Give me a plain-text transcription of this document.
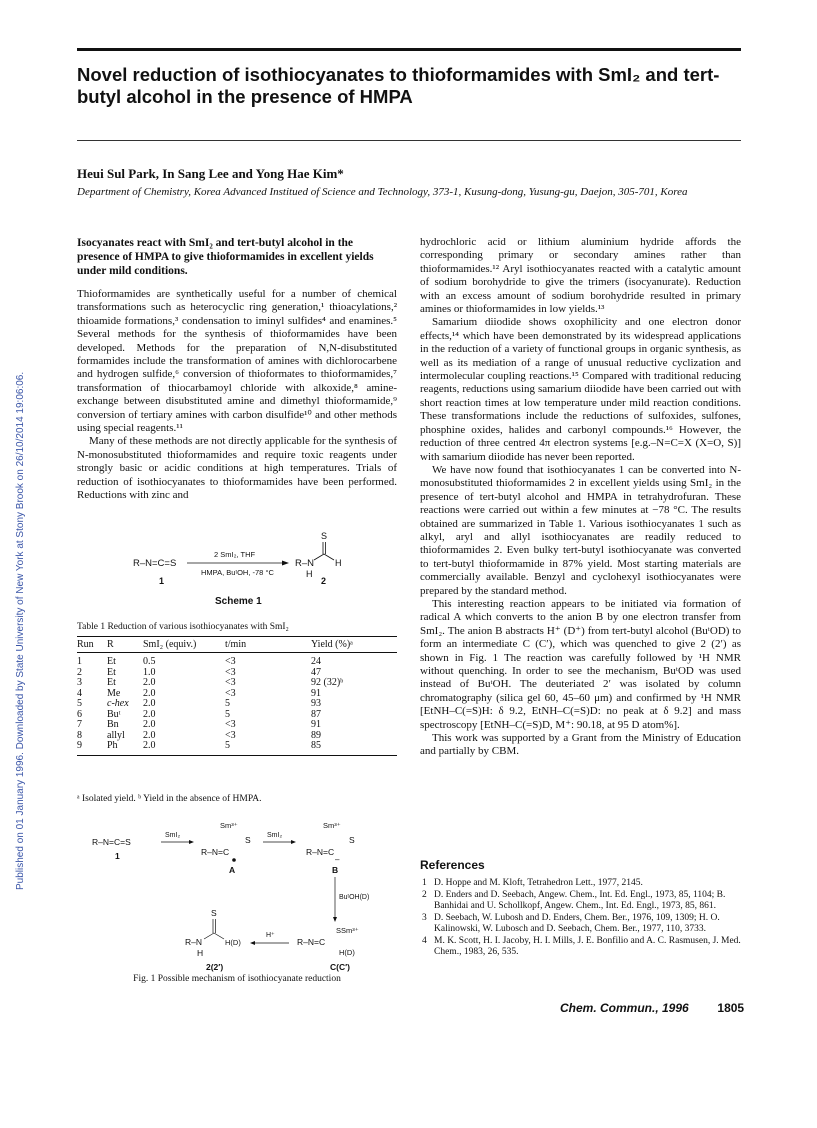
Published on 01 January 1996. Downloaded by State University of New York at Stony Brook on 26/10/2014 19:06:06.
Novel reduction of isothiocyanates to thioformamides with SmI₂ and tert-butyl alcohol in the presence of HMPA
Heui Sul Park, In Sang Lee and Yong Hae Kim*
Department of Chemistry, Korea Advanced Institued of Science and Technology, 373-1, Kusung-dong, Yusung-gu, Daejon, 305-701, Korea

Isocyanates react with SmI₂ and tert-butyl alcohol in the presence of HMPA to give thioformamides in excellent yields under mild conditions.

Thioformamides are synthetically useful for a number of chemical transformations such as heterocyclic ring generation,¹ thioacylations,² thioamide formations,³ condensation to iminyl sulfides⁴ and enamines.⁵ Several methods for the synthesis of thioformamides have been developed. Methods for the preparation of N,N-disubstituted formamides include the transformation of amines with dichlorocarbene and hydrogen sulfide,⁶ conversion of thioformates to thioformamides,⁷ transformation of thiocarbamoyl chloride with alkoxide,⁸ amine-exchange between disubstituted amine and dimethyl thioformamide,⁹ conversion of tertiary amines with carbon disulfide¹⁰ and other methods using special reagents.¹¹

Many of these methods are not directly applicable for the synthesis of N-monosubstituted thioformamides and require toxic reagents under strongly basic or acidic conditions at high temperatures. Trials of reduction of isothiocyanates to thioformamides have been performed. Reductions with zinc and

R–N=C=S
2 SmI₂, THF
HMPA, BuᵗOH, -78 °C
1
R–N
S
H
H
2
Scheme 1
Table 1 Reduction of various isothiocyanates with SmI₂
Run	R	SmI₂ (equiv.)	t/min	Yield (%)ᵃ
1	Et	0.5	<3	24
2	Et	1.0	<3	47
3	Et	2.0	<3	92 (32)ᵇ
4	Me	2.0	<3	91
5	c-hex	2.0	5	93
6	Buᵗ	2.0	5	87
7	Bn	2.0	<3	91
8	allyl	2.0	<3	89
9	Ph	2.0	5	85
ᵃ Isolated yield. ᵇ Yield in the absence of HMPA.
R–N=C=S
1
SmI₂
Sm³⁺
R–N=C
S
A
SmI₂
Sm³⁺
R–N=C
S
–
B
BuᵗOH(D)
SSm³⁺
R–N=C
H(D)
C(C′)
H⁺
R–N
S
H(D)
H
2(2′)
Fig. 1 Possible mechanism of isothiocyanate reduction

hydrochloric acid or lithium aluminium hydride affords the corresponding primary or secondary amines rather than thioformamides.¹² Aryl isothiocyanates reacted with a catalytic amount of sodium borohydride to give the trimers (isocyanurate). Reduction with an excess amount of sodium borohydride resulted in primary amines or thioformamides in low yields.¹³

Samarium diiodide shows oxophilicity and one electron donor effects,¹⁴ which have been demonstrated by its widespread applications in the reduction of a variety of functional groups in organic synthesis, as well as its mediation of a range of unusual reductive cyclization and intermolecular coupling reactions.¹⁵ Compared with traditional reducing reagents, reductions using samarium diiodide have been carried out with short reaction times at low temperature under mild reaction conditions. These transformations include the reductions of sulfoxides, sulfones, phosphine oxides, halides and carbonyl compounds.¹⁶ However, the reduction of three centred 4π electron systems [e.g.–N=C=X (X=O, S)] with samarium diiodide has never been reported.

We have now found that isothiocyanates 1 can be converted into N-monosubstituted thioformamides 2 in excellent yields using SmI₂ in the presence of tert-butyl alcohol and HMPA in tetrahydrofuran. These reactions were carried out within a few minutes at −78 °C. The results obtained are summarized in Table 1. Various isothiocyanates 1 such as alkyl, aryl and allyl isothiocyanates are readily reduced to thioformamides 2. Even bulky tert-butyl isothiocyanate was converted to tert-butyl thioformamide in 87% yield. Most starting materials are commercially available. Benzyl and cyclohexyl isothiocyanates were prepared by the standard method.

This interesting reaction appears to be initiated via formation of radical A which converts to the anion B by one electron transfer from SmI₂. The anion B abstracts H⁺ (D⁺) from tert-butyl alcohol (BuᵗOD) to form an intermediate C (C′), which was quenched to give 2 (2′) as shown in Fig. 1 The reaction was carefully followed by ¹H NMR without quenching. In order to see the mechanism, BuᵗOD was used instead of BuᵗOH. The deuteriated 2′ was isolated by column chromatography (silica gel 60, 45–60 μm) and confirmed by ¹H NMR [EtNH–C(=S)H: δ 9.2, EtNH–C(=S)D: no peak at δ 9.2] and mass spectroscopy [EtNH–C(=S)D, M⁺: 90.18, at 95 D atom%].

This work was supported by a Grant from the Ministry of Education and partially by CBM.

References
1 D. Hoppe and M. Kloft, Tetrahedron Lett., 1977, 2145.
2 D. Enders and D. Seebach, Angew. Chem., Int. Ed. Engl., 1973, 85, 1104; B. Banhidai and U. Schollkopf, Angew. Chem., Int. Ed. Engl., 1973, 85, 861.
3 D. Seebach, W. Lubosh and D. Enders, Chem. Ber., 1976, 109, 1309; H. O. Kalinowski, W. Lubosch and D. Seebach, Chem. Ber., 1977, 110, 3733.
4 M. K. Scott, H. I. Jacoby, H. I. Mills, J. E. Bonfilio and A. C. Rasmusen, J. Med. Chem., 1983, 26, 535.
Chem. Commun., 1996 1805
